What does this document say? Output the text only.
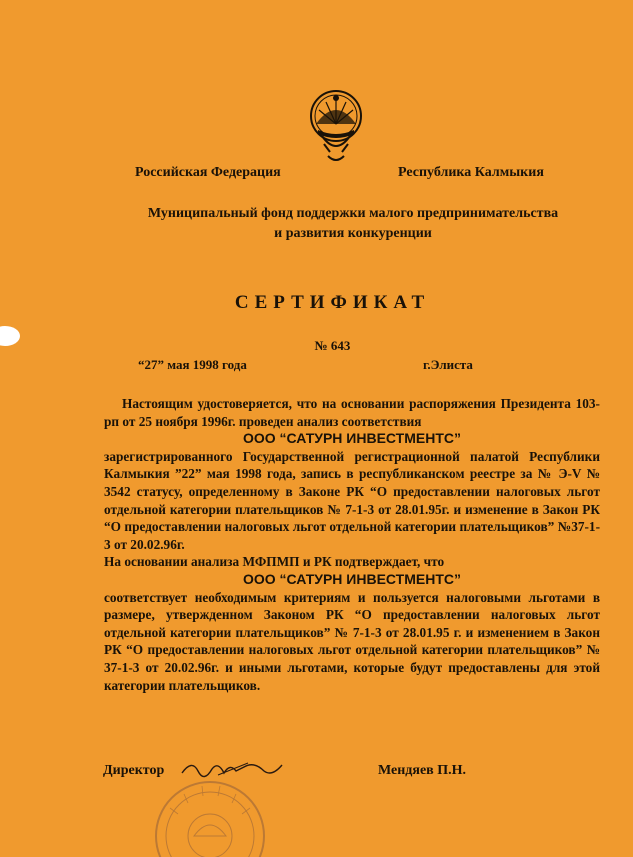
Российская Федерация	Республика Калмыкия
Муниципальный фонд поддержки малого предпринимательства
и развития конкуренции
СЕРТИФИКАТ
№ 643
“27” мая 1998 года	г.Элиста

Настоящим удостоверяется, что на основании распоряжения Президента 103-рп от 25 ноября 1996г. проведен анализ соответствия

ООО “САТУРН ИНВЕСТМЕНТС”

зарегистрированного Государственной регистрационной палатой Республики Калмыкия ”22” мая 1998 года, запись в республиканском реестре за № Э-V № 3542 статусу, определенному в Законе РК “О предоставлении налоговых льгот отдельной категории плательщиков № 7-1-3 от 28.01.95г. и изменение в Закон РК “О предоставлении налоговых льгот отдельной категории плательщиков” №37-1-3 от 20.02.96г.

На основании анализа МФПМП и РК подтверждает, что

ООО “САТУРН ИНВЕСТМЕНТС”

соответствует необходимым критериям и пользуется налоговыми льготами в размере, утвержденном Законом РК “О предоставлении налоговых льгот отдельной категории плательщиков” № 7-1-3 от 28.01.95 г. и изменением в Закон РК “О предоставлении налоговых льгот отдельной категории плательщиков” № 37-1-3 от 20.02.96г. и иными льготами, которые будут предоставлены для этой категории плательщиков.

Директор	Мендяев П.Н.
